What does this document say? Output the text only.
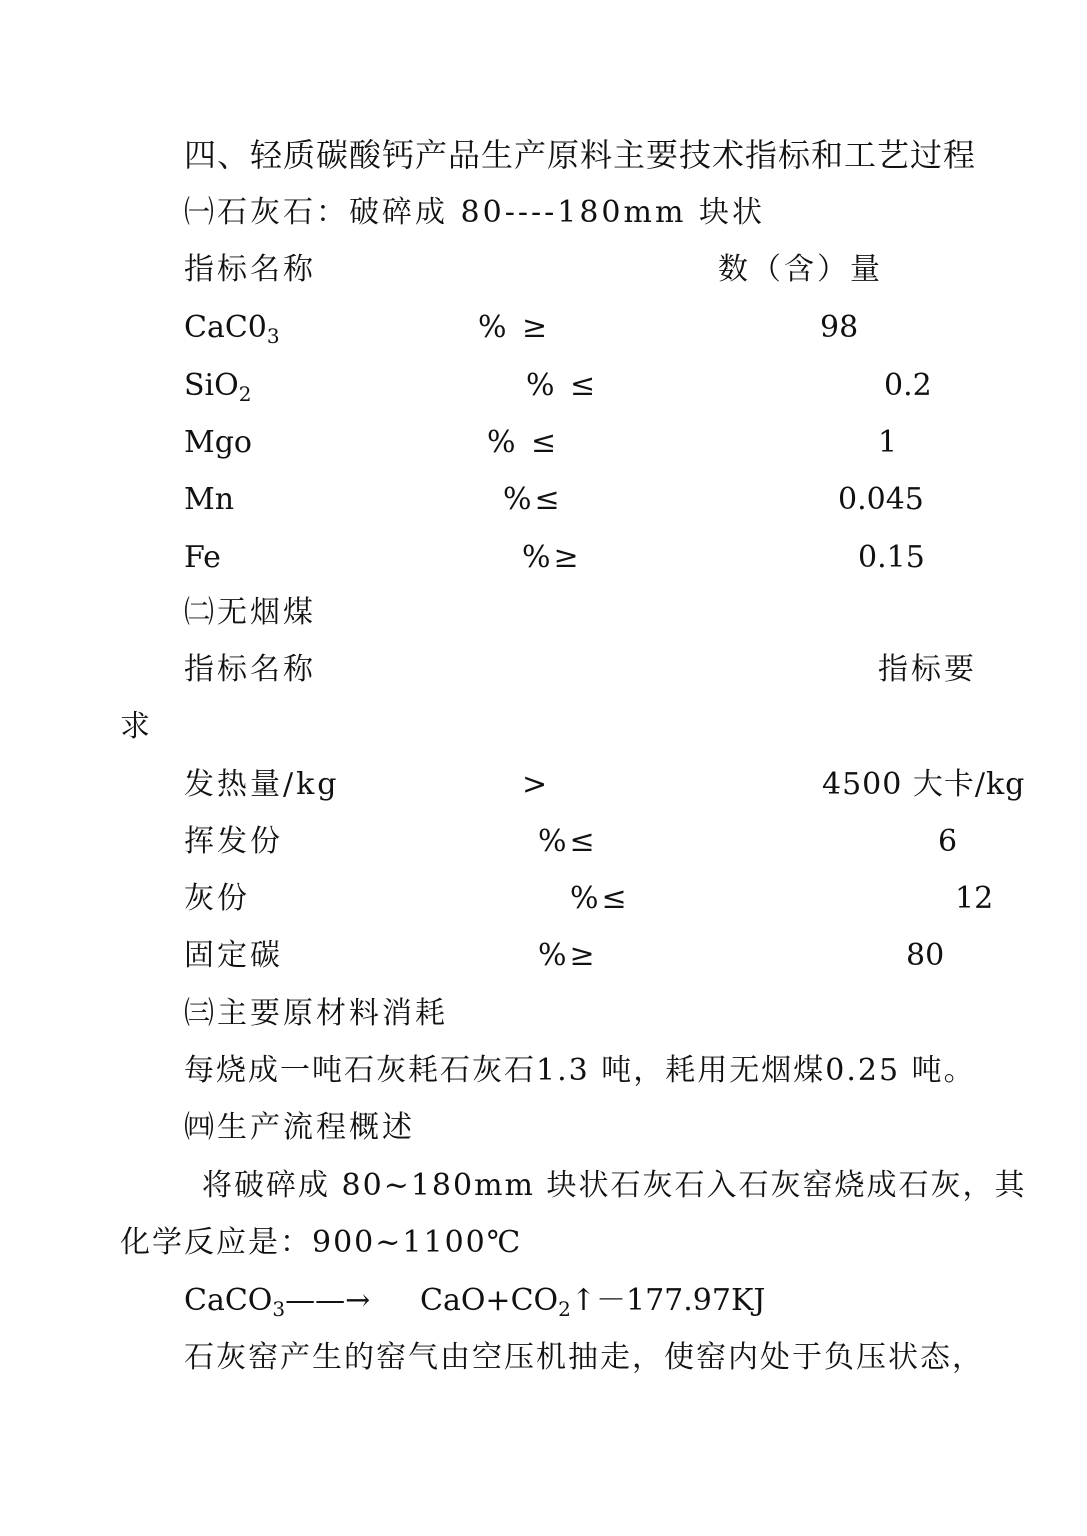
四、轻质碳酸钙产品生产原料主要技术指标和工艺过程
㈠石灰石：破碎成 80----180mm 块状
指标名称	数（含）量
$CaC0_3$	% ≥	98
SiO$_2$	% ≤	0.2
Mgo	% ≤	1
Mn	%≤	0.045
Fe	%≥	0.15
㈡无烟煤
指标名称	指标要
求
发热量/kg	>	4500 大卡/kg
挥发份	%≤	6
灰份	%≤	12
固定碳	%≥	80
㈢主要原材料消耗
每烧成一吨石灰耗石灰石1.3 吨，耗用无烟煤0.25 吨。
㈣生产流程概述
将破碎成 80~180mm 块状石灰石入石灰窑烧成石灰，其
化学反应是：900~1100℃
CaCO$_3$——→ $CaO+CO_2↑-177.97KJ$
石灰窑产生的窑气由空压机抽走，使窑内处于负压状态，
